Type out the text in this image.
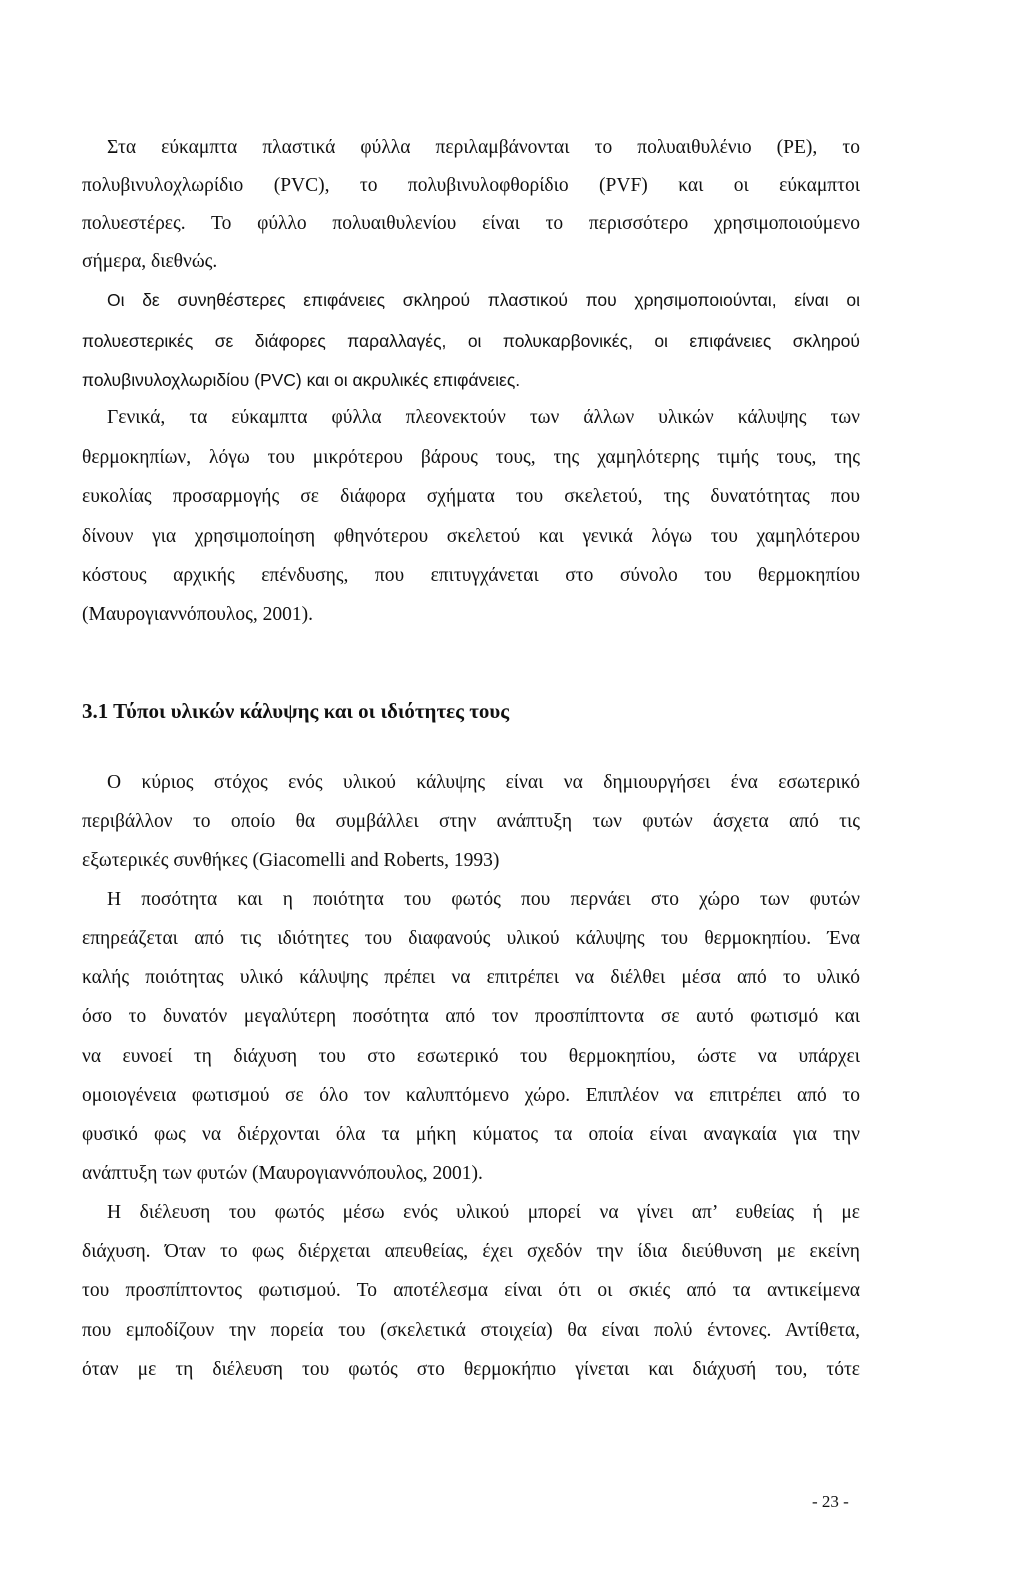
Στα εύκαμπτα πλαστικά φύλλα περιλαμβάνονται το πολυαιθυλένιο (PE), το
πολυβινυλοχλωρίδιο (PVC), το πολυβινυλοφθορίδιο (PVF) και οι εύκαμπτοι
πολυεστέρες. Το φύλλο πολυαιθυλενίου είναι το περισσότερο χρησιμοποιούμενο
σήμερα, διεθνώς.
Οι δε συνηθέστερες επιφάνειες σκληρού πλαστικού που χρησιμοποιούνται, είναι οι
πολυεστερικές σε διάφορες παραλλαγές, οι πολυκαρβονικές, οι επιφάνειες σκληρού
πολυβινυλοχλωριδίου (PVC) και οι ακρυλικές επιφάνειες.
Γενικά, τα εύκαμπτα φύλλα πλεονεκτούν των άλλων υλικών κάλυψης των
θερμοκηπίων, λόγω του μικρότερου βάρους τους, της χαμηλότερης τιμής τους, της
ευκολίας προσαρμογής σε διάφορα σχήματα του σκελετού, της δυνατότητας που
δίνουν για χρησιμοποίηση φθηνότερου σκελετού και γενικά λόγω του χαμηλότερου
κόστους αρχικής επένδυσης, που επιτυγχάνεται στο σύνολο του θερμοκηπίου
(Μαυρογιαννόπουλος, 2001).
3.1 Τύποι υλικών κάλυψης και οι ιδιότητες τους
Ο κύριος στόχος ενός υλικού κάλυψης είναι να δημιουργήσει ένα εσωτερικό
περιβάλλον το οποίο θα συμβάλλει στην ανάπτυξη των φυτών άσχετα από τις
εξωτερικές συνθήκες (Giacomelli and Roberts, 1993)
Η ποσότητα και η ποιότητα του φωτός που περνάει στο χώρο των φυτών
επηρεάζεται από τις ιδιότητες του διαφανούς υλικού κάλυψης του θερμοκηπίου. Ένα
καλής ποιότητας υλικό κάλυψης πρέπει να επιτρέπει να διέλθει μέσα από το υλικό
όσο το δυνατόν μεγαλύτερη ποσότητα από τον προσπίπτοντα σε αυτό φωτισμό και
να ευνοεί τη διάχυση του στο εσωτερικό του θερμοκηπίου, ώστε να υπάρχει
ομοιογένεια φωτισμού σε όλο τον καλυπτόμενο χώρο. Επιπλέον να επιτρέπει από το
φυσικό φως να διέρχονται όλα τα μήκη κύματος τα οποία είναι αναγκαία για την
ανάπτυξη των φυτών (Μαυρογιαννόπουλος, 2001).
Η διέλευση του φωτός μέσω ενός υλικού μπορεί να γίνει απ’ ευθείας ή με
διάχυση. Όταν το φως διέρχεται απευθείας, έχει σχεδόν την ίδια διεύθυνση με εκείνη
του προσπίπτοντος φωτισμού. Το αποτέλεσμα είναι ότι οι σκιές από τα αντικείμενα
που εμποδίζουν την πορεία του (σκελετικά στοιχεία) θα είναι πολύ έντονες. Αντίθετα,
όταν με τη διέλευση του φωτός στο θερμοκήπιο γίνεται και διάχυσή του, τότε
- 23 -
